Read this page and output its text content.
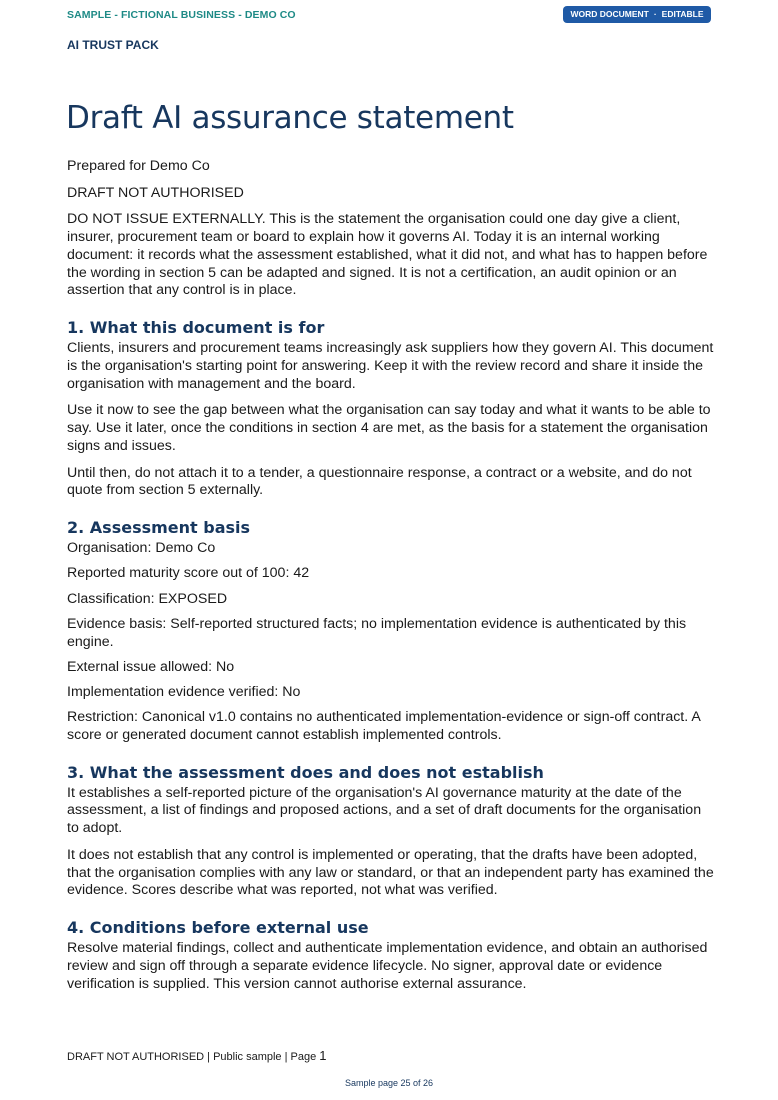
SAMPLE - FICTIONAL BUSINESS - DEMO CO	WORD DOCUMENT · EDITABLE
AI TRUST PACK
Draft AI assurance statement

Prepared for Demo Co

DRAFT NOT AUTHORISED

DO NOT ISSUE EXTERNALLY. This is the statement the organisation could one day give a client, insurer, procurement team or board to explain how it governs AI. Today it is an internal working document: it records what the assessment established, what it did not, and what has to happen before the wording in section 5 can be adapted and signed. It is not a certification, an audit opinion or an assertion that any control is in place.

1. What this document is for

Clients, insurers and procurement teams increasingly ask suppliers how they govern AI. This document is the organisation's starting point for answering. Keep it with the review record and share it inside the organisation with management and the board.

Use it now to see the gap between what the organisation can say today and what it wants to be able to say. Use it later, once the conditions in section 4 are met, as the basis for a statement the organisation signs and issues.

Until then, do not attach it to a tender, a questionnaire response, a contract or a website, and do not quote from section 5 externally.

2. Assessment basis

Organisation: Demo Co

Reported maturity score out of 100: 42

Classification: EXPOSED

Evidence basis: Self-reported structured facts; no implementation evidence is authenticated by this engine.

External issue allowed: No

Implementation evidence verified: No

Restriction: Canonical v1.0 contains no authenticated implementation-evidence or sign-off contract. A score or generated document cannot establish implemented controls.

3. What the assessment does and does not establish

It establishes a self-reported picture of the organisation's AI governance maturity at the date of the assessment, a list of findings and proposed actions, and a set of draft documents for the organisation to adopt.

It does not establish that any control is implemented or operating, that the drafts have been adopted, that the organisation complies with any law or standard, or that an independent party has examined the evidence. Scores describe what was reported, not what was verified.

4. Conditions before external use

Resolve material findings, collect and authenticate implementation evidence, and obtain an authorised review and sign off through a separate evidence lifecycle. No signer, approval date or evidence verification is supplied. This version cannot authorise external assurance.

DRAFT NOT AUTHORISED | Public sample | Page 1
Sample page 25 of 26
